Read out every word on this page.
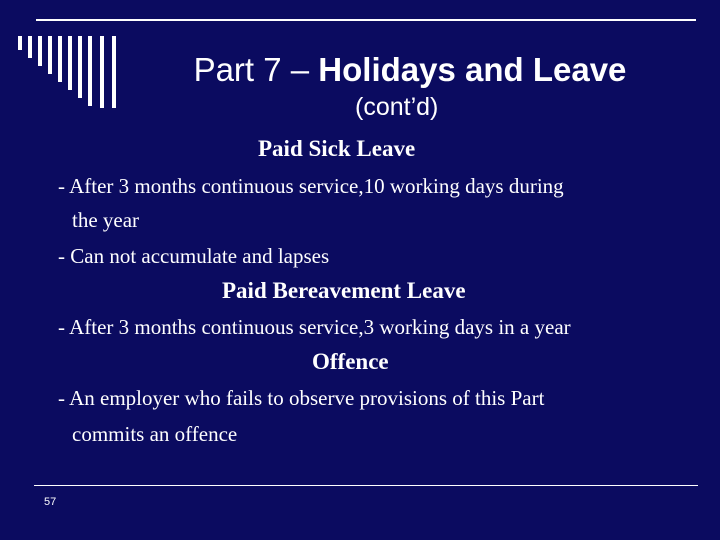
Part 7 – Holidays and Leave
(cont’d)
Paid Sick Leave
- After 3 months continuous service,10 working days during
the year
- Can not accumulate and lapses
Paid Bereavement Leave
- After 3 months continuous service,3 working days in a year
Offence
- An employer who fails to observe provisions of this Part
commits an offence
57
